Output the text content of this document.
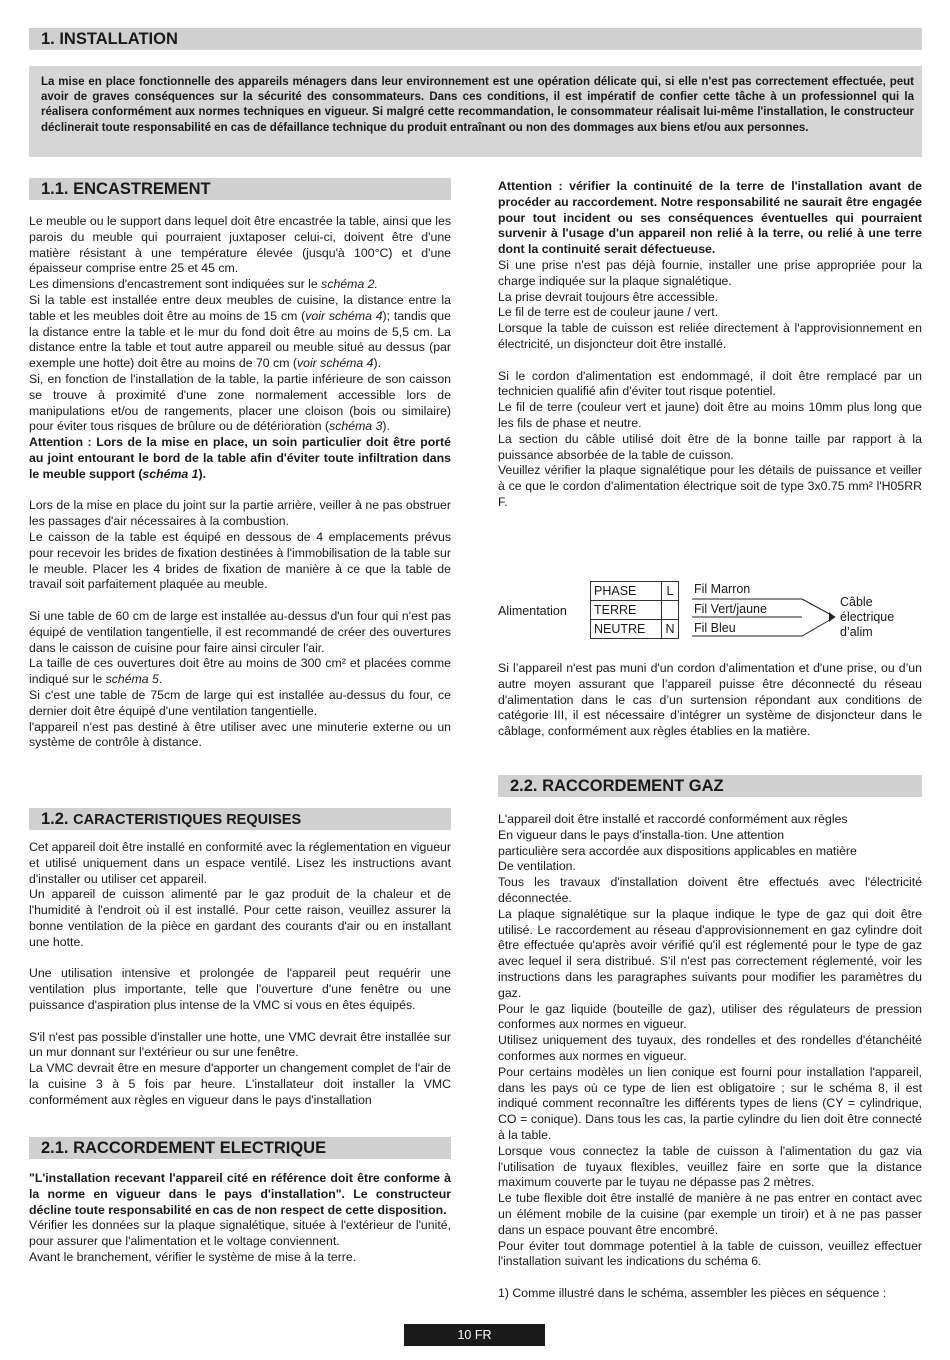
1. INSTALLATION
La mise en place fonctionnelle des appareils ménagers dans leur environnement est une opération délicate qui, si elle n'est pas correctement effectuée, peut avoir de graves conséquences sur la sécurité des consommateurs. Dans ces conditions, il est impératif de confier cette tâche à un professionnel qui la réalisera conformément aux normes techniques en vigueur. Si malgré cette recommandation, le consommateur réalisait lui-même l'installation, le constructeur déclinerait toute responsabilité en cas de défaillance technique du produit entraînant ou non des dommages aux biens et/ou aux personnes.
1.1. ENCASTREMENT

Le meuble ou le support dans lequel doit être encastrée la table, ainsi que les parois du meuble qui pourraient juxtaposer celui-ci, doivent être d'une matière résistant à une température élevée (jusqu'à 100°C) et d'une épaisseur comprise entre 25 et 45 cm.

Les dimensions d'encastrement sont indiquées sur le schéma 2.

Si la table est installée entre deux meubles de cuisine, la distance entre la table et les meubles doit être au moins de 15 cm (voir schéma 4); tandis que la distance entre la table et le mur du fond doit être au moins de 5,5 cm. La distance entre la table et tout autre appareil ou meuble situé au dessus (par exemple une hotte) doit être au moins de 70 cm (voir schéma 4).

Si, en fonction de l'installation de la table, la partie inférieure de son caisson se trouve à proximité d'une zone normalement accessible lors de manipulations et/ou de rangements, placer une cloison (bois ou similaire) pour éviter tous risques de brûlure ou de détérioration (schéma 3).

Attention : Lors de la mise en place, un soin particulier doit être porté au joint entourant le bord de la table afin d'éviter toute infiltration dans le meuble support (schéma 1).

Lors de la mise en place du joint sur la partie arrière, veiller à ne pas obstruer les passages d'air nécessaires à la combustion.

Le caisson de la table est équipé en dessous de 4 emplacements prévus pour recevoir les brides de fixation destinées à l'immobilisation de la table sur le meuble. Placer les 4 brides de fixation de manière à ce que la table de travail soit parfaitement plaquée au meuble.

Si une table de 60 cm de large est installée au-dessus d'un four qui n'est pas équipé de ventilation tangentielle, il est recommandé de créer des ouvertures dans le caisson de cuisine pour faire ainsi circuler l'air.

La taille de ces ouvertures doit être au moins de 300 cm² et placées comme indiqué sur le schéma 5.

Si c'est une table de 75cm de large qui est installée au-dessus du four, ce dernier doit être équipé d'une ventilation tangentielle.

l'appareil n'est pas destiné à être utiliser avec une minuterie externe ou un système de contrôle à distance.

1.2. CARACTERISTIQUES REQUISES

Cet appareil doit être installé en conformité avec la réglementation en vigueur et utilisé uniquement dans un espace ventilé. Lisez les instructions avant d'installer ou utiliser cet appareil.

Un appareil de cuisson alimenté par le gaz produit de la chaleur et de l'humidité à l'endroit où il est installé. Pour cette raison, veuillez assurer la bonne ventilation de la pièce en gardant des courants d'air ou en installant une hotte.

Une utilisation intensive et prolongée de l'appareil peut requérir une ventilation plus importante, telle que l'ouverture d'une fenêtre ou une puissance d'aspiration plus intense de la VMC si vous en êtes équipés.

S'il n'est pas possible d'installer une hotte, une VMC devrait être installée sur un mur donnant sur l'extérieur ou sur une fenêtre.

La VMC devrait être en mesure d'apporter un changement complet de l'air de la cuisine 3 à 5 fois par heure. L'installateur doit installer la VMC conformément aux règles en vigueur dans le pays d'installation

2.1. RACCORDEMENT ELECTRIQUE

"L'installation recevant l'appareil cité en référence doit être conforme à la norme en vigueur dans le pays d'installation". Le constructeur décline toute responsabilité en cas de non respect de cette disposition.

Vérifier les données sur la plaque signalétique, située à l'extérieur de l'unité, pour assurer que l'alimentation et le voltage conviennent.

Avant le branchement, vérifier le système de mise à la terre.

Attention : vérifier la continuité de la terre de l'installation avant de procéder au raccordement. Notre responsabilité ne saurait être engagée pour tout incident ou ses conséquences éventuelles qui pourraient survenir à l'usage d'un appareil non relié à la terre, ou relié à une terre dont la continuité serait défectueuse.

Si une prise n'est pas déjà fournie, installer une prise appropriée pour la charge indiquée sur la plaque signalétique.

La prise devrait toujours être accessible.

Le fil de terre est de couleur jaune / vert.

Lorsque la table de cuisson est reliée directement à l'approvisionnement en électricité, un disjoncteur doit être installé.

Si le cordon d'alimentation est endommagé, il doit être remplacé par un technicien qualifié afin d'éviter tout risque potentiel.

Le fil de terre (couleur vert et jaune) doit être au moins 10mm plus long que les fils de phase et neutre.

La section du câble utilisé doit être de la bonne taille par rapport à la puissance absorbée de la table de cuisson.

Veuillez vérifier la plaque signalétique pour les détails de puissance et veiller à ce que le cordon d'alimentation électrique soit de type 3x0.75 mm² l'H05RR F.

Alimentation
PHASE	L
TERRE	
NEUTRE	N
Fil Marron
Fil Vert/jaune
Fil Bleu
Câble
électrique
d’alim

Si l’appareil n'est pas muni d'un cordon d'alimentation et d'une prise, ou d’un autre moyen assurant que l’appareil puisse être déconnecté du réseau d'alimentation dans le cas d’un surtension répondant aux conditions de catégorie III, il est nécessaire d’intégrer un système de disjoncteur dans le câblage, conformément aux règles établies en la matière.

2.2. RACCORDEMENT GAZ

L'appareil doit être installé et raccordé conformément aux règles

En vigueur dans le pays d'installa-tion. Une attention

particulière sera accordée aux dispositions applicables en matière

De ventilation.

Tous les travaux d'installation doivent être effectués avec l'électricité déconnectée.

La plaque signalétique sur la plaque indique le type de gaz qui doit être utilisé. Le raccordement au réseau d'approvisionnement en gaz cylindre doit être effectuée qu'après avoir vérifié qu'il est réglementé pour le type de gaz avec lequel il sera distribué. S'il n'est pas correctement réglementé, voir les instructions dans les paragraphes suivants pour modifier les paramètres du gaz.

Pour le gaz liquide (bouteille de gaz), utiliser des régulateurs de pression conformes aux normes en vigueur.

Utilisez uniquement des tuyaux, des rondelles et des rondelles d'étanchéité conformes aux normes en vigueur.

Pour certains modèles un lien conique est fourni pour installation l'appareil, dans les pays où ce type de lien est obligatoire ; sur le schéma 8, il est indiqué comment reconnaître les différents types de liens (CY = cylindrique, CO = conique). Dans tous les cas, la partie cylindre du lien doit être connecté à la table.

Lorsque vous connectez la table de cuisson à l'alimentation du gaz via l'utilisation de tuyaux flexibles, veuillez faire en sorte que la distance maximum couverte par le tuyau ne dépasse pas 2 mètres.

Le tube flexible doit être installé de manière à ne pas entrer en contact avec un élément mobile de la cuisine (par exemple un tiroir) et à ne pas passer dans un espace pouvant être encombré.

Pour éviter tout dommage potentiel à la table de cuisson, veuillez effectuer l'installation suivant les indications du schéma 6.

1) Comme illustré dans le schéma, assembler les pièces en séquence :

10 FR
